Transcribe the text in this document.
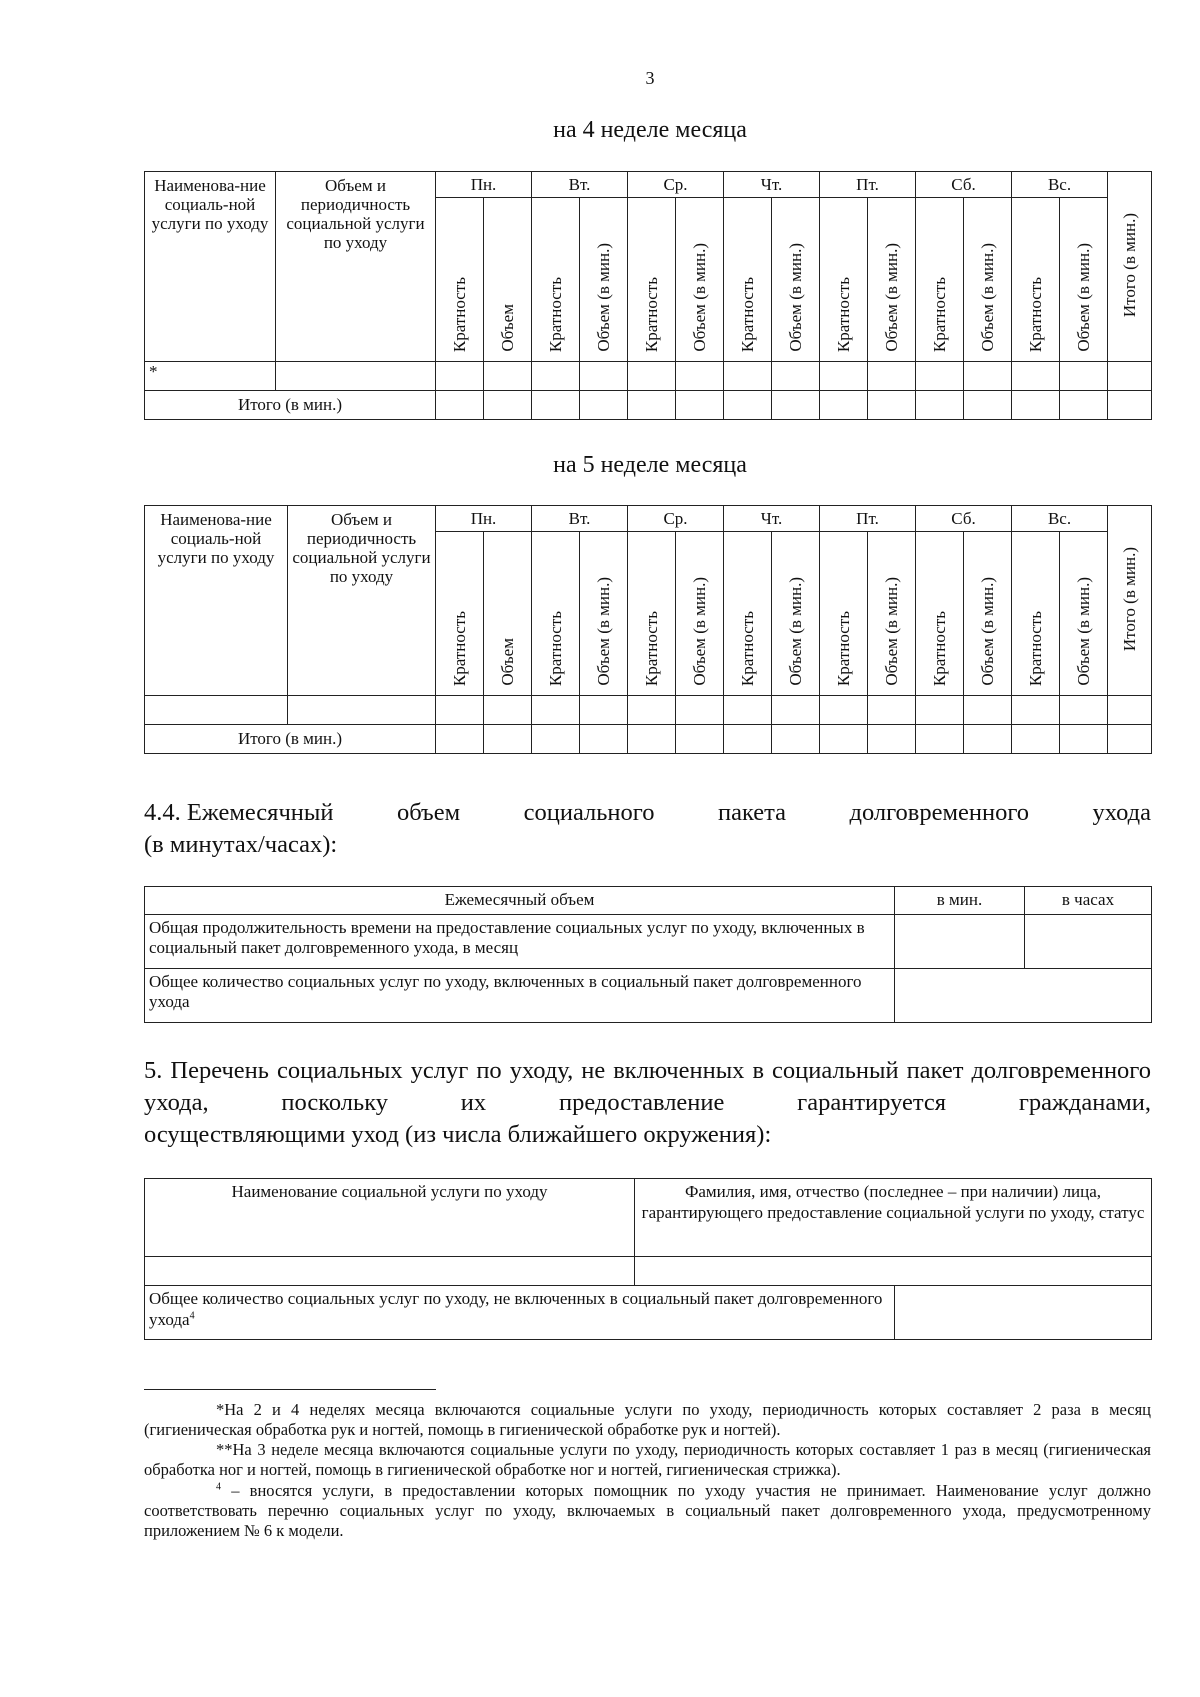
3
на 4 неделе месяца
Наименова-ние социаль-ной услуги по уходу	Объем и периодичность социальной услуги по уходу	Пн.		Вт.		Ср.		Чт.		Пт.		Сб.		Вс.		Итого (в мин.)
		Кратность	Объем	Кратность	Объем (в мин.)	Кратность	Объем (в мин.)	Кратность	Объем (в мин.)	Кратность	Объем (в мин.)	Кратность	Объем (в мин.)	Кратность	Объем (в мин.)	
*																
Итого (в мин.)																
на 5 неделе месяца
Наименова-ние социаль-ной услуги по уходу	Объем и периодичность социальной услуги по уходу	Пн.		Вт.		Ср.		Чт.		Пт.		Сб.		Вс.		Итого (в мин.)
		Кратность	Объем	Кратность	Объем (в мин.)	Кратность	Объем (в мин.)	Кратность	Объем (в мин.)	Кратность	Объем (в мин.)	Кратность	Объем (в мин.)	Кратность	Объем (в мин.)	

Итого (в мин.)																
4.4. Ежемесячный	объем	социального	пакета	долговременного	ухода
(в минутах/часах):
Ежемесячный объем	в мин.	в часах
Общая продолжительность времени на предоставление социальных услуг по уходу, включенных в социальный пакет долговременного ухода, в месяц		
Общее количество социальных услуг по уходу, включенных в социальный пакет долговременного ухода		
5. Перечень социальных услуг по уходу, не включенных в социальный пакет долговременного ухода, поскольку их предоставление гарантируется гражданами,
осуществляющими уход (из числа ближайшего окружения):
Наименование социальной услуги по уходу	Фамилия, имя, отчество (последнее – при наличии) лица, гарантирующего предоставление социальной услуги по уходу, статус	

Общее количество социальных услуг по уходу, не включенных в социальный пакет долговременного ухода$^4$	

*На 2 и 4 неделях месяца включаются социальные услуги по уходу, периодичность которых составляет 2 раза в месяц (гигиеническая обработка рук и ногтей, помощь в гигиенической обработке рук и ногтей).

**На 3 неделе месяца включаются социальные услуги по уходу, периодичность которых составляет 1 раз в месяц (гигиеническая обработка ног и ногтей, помощь в гигиенической обработке ног и ногтей, гигиеническая стрижка).

$^4$ – вносятся услуги, в предоставлении которых помощник по уходу участия не принимает. Наименование услуг должно соответствовать перечню социальных услуг по уходу, включаемых в социальный пакет долговременного ухода, предусмотренному приложением № 6 к модели.
